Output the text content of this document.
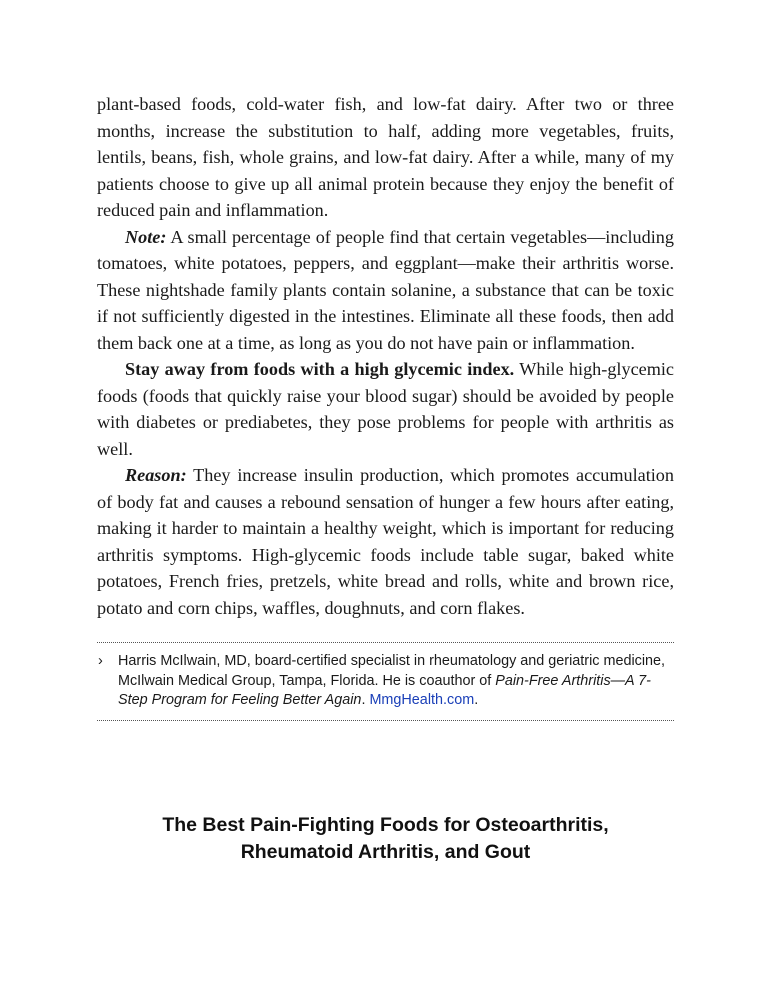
plant-based foods, cold-water fish, and low-fat dairy. After two or three months, increase the substitution to half, adding more vegetables, fruits, lentils, beans, fish, whole grains, and low-fat dairy. After a while, many of my patients choose to give up all animal protein because they enjoy the benefit of reduced pain and inflammation.

Note: A small percentage of people find that certain vegetables—including tomatoes, white potatoes, peppers, and eggplant—make their arthritis worse. These nightshade family plants contain solanine, a substance that can be toxic if not sufficiently digested in the intestines. Eliminate all these foods, then add them back one at a time, as long as you do not have pain or inflammation.

Stay away from foods with a high glycemic index. While high-glycemic foods (foods that quickly raise your blood sugar) should be avoided by people with diabetes or prediabetes, they pose problems for people with arthritis as well.

Reason: They increase insulin production, which promotes accumulation of body fat and causes a rebound sensation of hunger a few hours after eating, making it harder to maintain a healthy weight, which is important for reducing arthritis symptoms. High-glycemic foods include table sugar, baked white potatoes, French fries, pretzels, white bread and rolls, white and brown rice, potato and corn chips, waffles, doughnuts, and corn flakes.

› Harris McIlwain, MD, board-certified specialist in rheumatology and geriatric medicine, McIlwain Medical Group, Tampa, Florida. He is coauthor of Pain-Free Arthritis—A 7-Step Program for Feeling Better Again. MmgHealth.com.

The Best Pain-Fighting Foods for Osteoarthritis,
Rheumatoid Arthritis, and Gout
